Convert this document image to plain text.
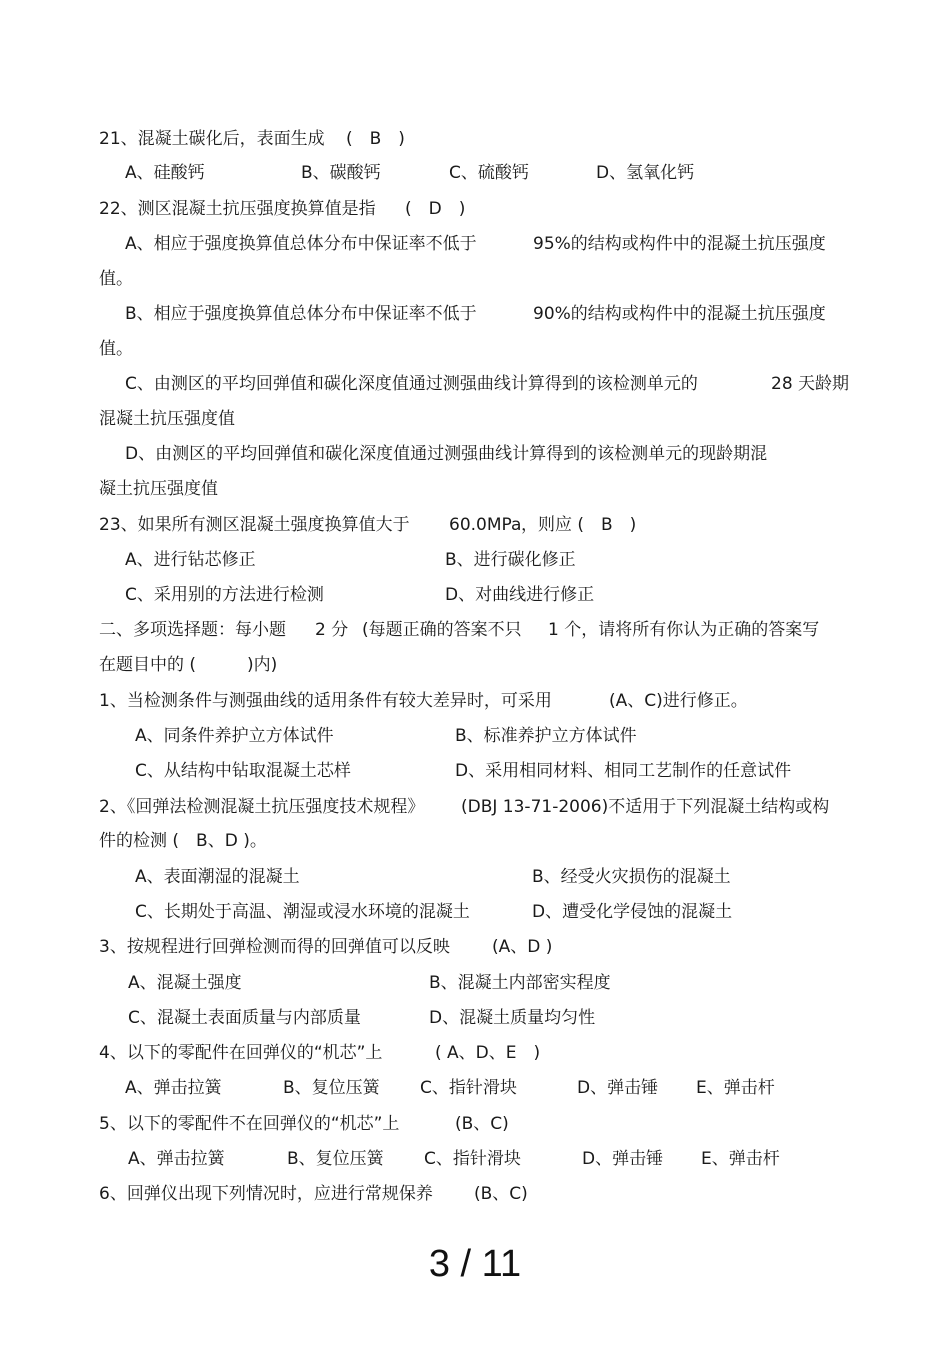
21、混凝土碳化后，表面生成 (　B　)
A、硅酸钙	B、碳酸钙	C、硫酸钙	D、氢氧化钙
22、测区混凝土抗压强度换算值是指 (　D　)
A、相应于强度换算值总体分布中保证率不低于	95%的结构或构件中的混凝土抗压强度
值。
B、相应于强度换算值总体分布中保证率不低于	90%的结构或构件中的混凝土抗压强度
值。
C、由测区的平均回弹值和碳化深度值通过测强曲线计算得到的该检测单元的	28 天龄期
混凝土抗压强度值
D、由测区的平均回弹值和碳化深度值通过测强曲线计算得到的该检测单元的现龄期混
凝土抗压强度值
23、如果所有测区混凝土强度换算值大于 60.0MPa ，则应 ( B　)
A、进行钻芯修正	B、进行碳化修正
C、采用别的方法进行检测	D、对曲线进行修正
二、多项选择题：每小题 2 分 (每题正确的答案不只 1 个，请将所有你认为正确的答案写
在题目中的 (　　　)内)
1、当检测条件与测强曲线的适用条件有较大差异时，可采用	(A、C)进行修正。
A、同条件养护立方体试件	B、标准养护立方体试件
C、从结构中钻取混凝土芯样	D、采用相同材料、相同工艺制作的任意试件
2、《回弹法检测混凝土抗压强度技术规程》 (DBJ 13-71-2006)不适用于下列混凝土结构或构
件的检测 (　B、D )。
A、表面潮湿的混凝土	B、经受火灾损伤的混凝土
C、长期处于高温、潮湿或浸水环境的混凝土	D、遭受化学侵蚀的混凝土
3、按规程进行回弹检测而得的回弹值可以反映 (A、D )
A、混凝土强度	B、混凝土内部密实程度
C、混凝土表面质量与内部质量	D、混凝土质量均匀性
4、以下的零配件在回弹仪的“机芯”上	( A、D、E　)
A、弹击拉簧	B、复位压簧 C、指针滑块	D、弹击锤 E、弹击杆
5、以下的零配件不在回弹仪的“机芯”上	(B、C)
A、弹击拉簧	B、复位压簧 C、指针滑块	D、弹击锤 E、弹击杆
6、回弹仪出现下列情况时，应进行常规保养 (B、C)
3 / 11
